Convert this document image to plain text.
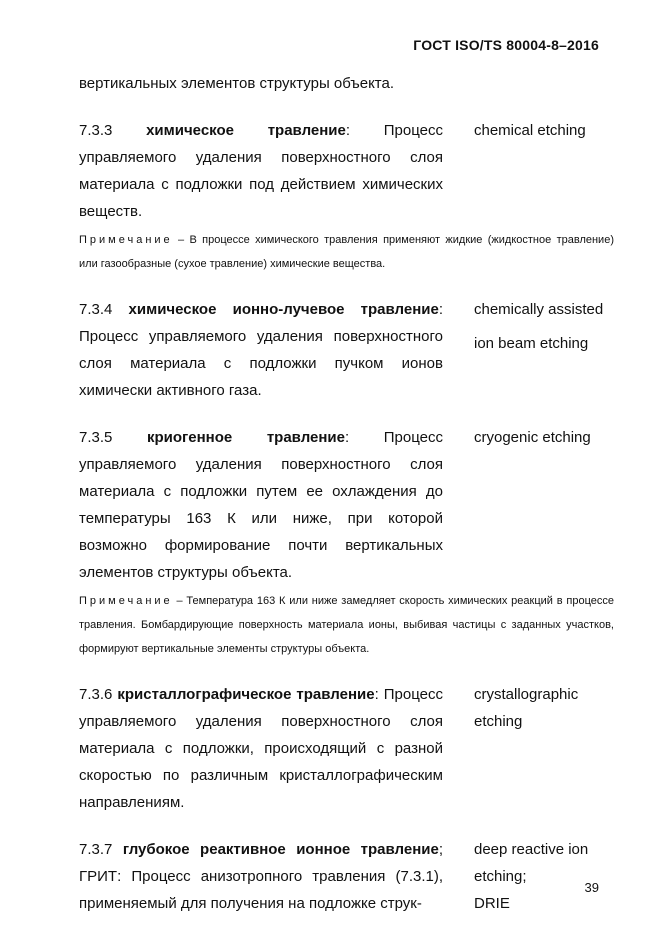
ГОСТ ISO/TS 80004-8–2016

вертикальных элементов структуры объекта.

7.3.3 химическое травление: Процесс управляемого удаления поверхностного слоя материала с подложки под действием химических веществ.
chemical etching

Примечание – В процессе химического травления применяют жидкие (жидкостное травление) или газообразные (сухое травление) химические вещества.

7.3.4 химическое ионно-лучевое травление: Процесс управляемого удаления поверхностного слоя материала с подложки пучком ионов химически активного газа.
chemically assisted
ion beam etching
7.3.5 криогенное травление: Процесс управляемого удаления поверхностного слоя материала с подложки путем ее охлаждения до температуры 163 К или ниже, при которой возможно формирование почти вертикальных элементов структуры объекта.
cryogenic etching

Примечание – Температура 163 К или ниже замедляет скорость химических реакций в процессе травления. Бомбардирующие поверхность материала ионы, выбивая частицы с заданных участков, формируют вертикальные элементы структуры объекта.

7.3.6 кристаллографическое травление: Процесс управляемого удаления поверхностного слоя материала с подложки, происходящий с разной скоростью по различным кристаллографическим направлениям.
crystallographic
etching
7.3.7 глубокое реактивное ионное травление; ГРИТ: Процесс анизотропного травления (7.3.1), применяемый для получения на подложке струк-
deep reactive ion
etching;
DRIE
39
